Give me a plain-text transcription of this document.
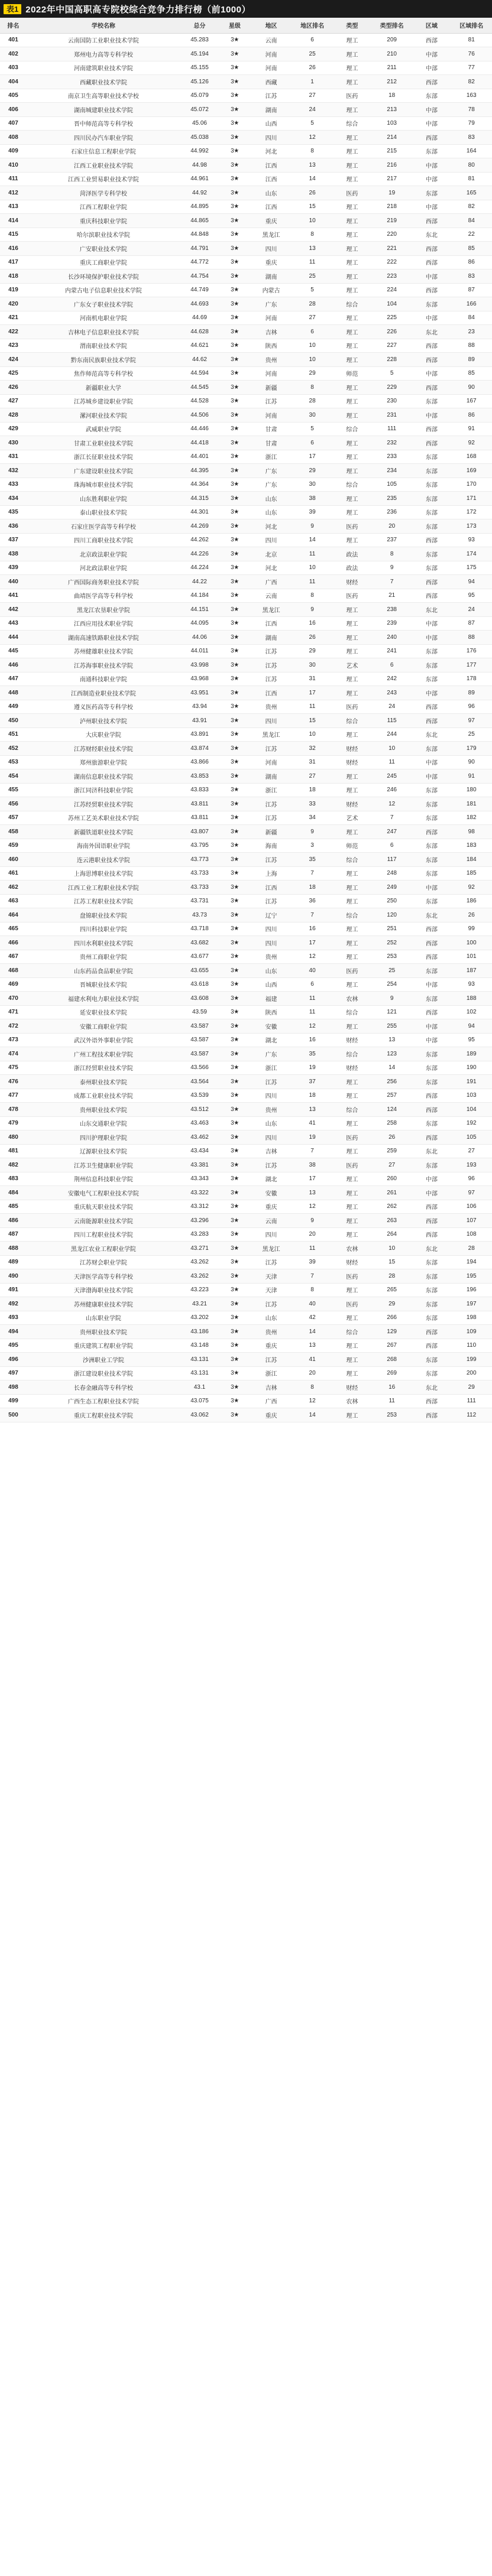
表1 2022年中国高职高专院校综合竞争力排行榜（前1000）
排名	学校名称	总分	星级	地区	地区排名	类型	类型排名	区域	区域排名
401	云南国防工业职业技术学院	45.283	3★	云南	6	理工	209	西部	81
402	郑州电力高等专科学校	45.194	3★	河南	25	理工	210	中部	76
403	河南建筑职业技术学院	45.155	3★	河南	26	理工	211	中部	77
404	西藏职业技术学院	45.126	3★	西藏	1	理工	212	西部	82
405	南京卫生高等职业技术学校	45.079	3★	江苏	27	医药	18	东部	163
406	湖南城建职业技术学院	45.072	3★	湖南	24	理工	213	中部	78
407	晋中师范高等专科学校	45.06	3★	山西	5	综合	103	中部	79
408	四川民办汽车职业学院	45.038	3★	四川	12	理工	214	西部	83
409	石家庄信息工程职业学院	44.992	3★	河北	8	理工	215	东部	164
410	江西工业职业技术学院	44.98	3★	江西	13	理工	216	中部	80
411	江西工业贸易职业技术学院	44.961	3★	江西	14	理工	217	中部	81
412	菏泽医学专科学校	44.92	3★	山东	26	医药	19	东部	165
413	江西工程职业学院	44.895	3★	江西	15	理工	218	中部	82
414	重庆科技职业学院	44.865	3★	重庆	10	理工	219	西部	84
415	哈尔滨职业技术学院	44.848	3★	黑龙江	8	理工	220	东北	22
416	广安职业技术学院	44.791	3★	四川	13	理工	221	西部	85
417	重庆工商职业学院	44.772	3★	重庆	11	理工	222	西部	86
418	长沙环境保护职业技术学院	44.754	3★	湖南	25	理工	223	中部	83
419	内蒙古电子信息职业技术学院	44.749	3★	内蒙古	5	理工	224	西部	87
420	广东女子职业技术学院	44.693	3★	广东	28	综合	104	东部	166
421	河南机电职业学院	44.69	3★	河南	27	理工	225	中部	84
422	吉林电子信息职业技术学院	44.628	3★	吉林	6	理工	226	东北	23
423	渭南职业技术学院	44.621	3★	陕西	10	理工	227	西部	88
424	黔东南民族职业技术学院	44.62	3★	贵州	10	理工	228	西部	89
425	焦作师范高等专科学校	44.594	3★	河南	29	师范	5	中部	85
426	新疆职业大学	44.545	3★	新疆	8	理工	229	西部	90
427	江苏城乡建设职业学院	44.528	3★	江苏	28	理工	230	东部	167
428	漯河职业技术学院	44.506	3★	河南	30	理工	231	中部	86
429	武威职业学院	44.446	3★	甘肃	5	综合	111	西部	91
430	甘肃工业职业技术学院	44.418	3★	甘肃	6	理工	232	西部	92
431	浙江长征职业技术学院	44.401	3★	浙江	17	理工	233	东部	168
432	广东建设职业技术学院	44.395	3★	广东	29	理工	234	东部	169
433	珠海城市职业技术学院	44.364	3★	广东	30	综合	105	东部	170
434	山东胜利职业学院	44.315	3★	山东	38	理工	235	东部	171
435	泰山职业技术学院	44.301	3★	山东	39	理工	236	东部	172
436	石家庄医学高等专科学校	44.269	3★	河北	9	医药	20	东部	173
437	四川工商职业技术学院	44.262	3★	四川	14	理工	237	西部	93
438	北京政法职业学院	44.226	3★	北京	11	政法	8	东部	174
439	河北政法职业学院	44.224	3★	河北	10	政法	9	东部	175
440	广西国际商务职业技术学院	44.22	3★	广西	11	财经	7	西部	94
441	曲靖医学高等专科学校	44.184	3★	云南	8	医药	21	西部	95
442	黑龙江农垦职业学院	44.151	3★	黑龙江	9	理工	238	东北	24
443	江西应用技术职业学院	44.095	3★	江西	16	理工	239	中部	87
444	湖南高速铁路职业技术学院	44.06	3★	湖南	26	理工	240	中部	88
445	苏州健雄职业技术学院	44.011	3★	江苏	29	理工	241	东部	176
446	江苏海事职业技术学院	43.998	3★	江苏	30	艺术	6	东部	177
447	南通科技职业学院	43.968	3★	江苏	31	理工	242	东部	178
448	江西制造业职业技术学院	43.951	3★	江西	17	理工	243	中部	89
449	遵义医药高等专科学校	43.94	3★	贵州	11	医药	24	西部	96
450	泸州职业技术学院	43.91	3★	四川	15	综合	115	西部	97
451	大庆职业学院	43.891	3★	黑龙江	10	理工	244	东北	25
452	江苏财经职业技术学院	43.874	3★	江苏	32	财经	10	东部	179
453	郑州旅游职业学院	43.866	3★	河南	31	财经	11	中部	90
454	湖南信息职业技术学院	43.853	3★	湖南	27	理工	245	中部	91
455	浙江同济科技职业学院	43.833	3★	浙江	18	理工	246	东部	180
456	江苏经贸职业技术学院	43.811	3★	江苏	33	财经	12	东部	181
457	苏州工艺美术职业技术学院	43.811	3★	江苏	34	艺术	7	东部	182
458	新疆铁道职业技术学院	43.807	3★	新疆	9	理工	247	西部	98
459	海南外国语职业学院	43.795	3★	海南	3	师范	6	东部	183
460	连云港职业技术学院	43.773	3★	江苏	35	综合	117	东部	184
461	上海思博职业技术学院	43.733	3★	上海	7	理工	248	东部	185
462	江西工业工程职业技术学院	43.733	3★	江西	18	理工	249	中部	92
463	江苏工程职业技术学院	43.731	3★	江苏	36	理工	250	东部	186
464	盘锦职业技术学院	43.73	3★	辽宁	7	综合	120	东北	26
465	四川科技职业学院	43.718	3★	四川	16	理工	251	西部	99
466	四川水利职业技术学院	43.682	3★	四川	17	理工	252	西部	100
467	贵州工商职业学院	43.677	3★	贵州	12	理工	253	西部	101
468	山东药品食品职业学院	43.655	3★	山东	40	医药	25	东部	187
469	晋城职业技术学院	43.618	3★	山西	6	理工	254	中部	93
470	福建水利电力职业技术学院	43.608	3★	福建	11	农林	9	东部	188
471	延安职业技术学院	43.59	3★	陕西	11	综合	121	西部	102
472	安徽工商职业学院	43.587	3★	安徽	12	理工	255	中部	94
473	武汉外语外事职业学院	43.587	3★	湖北	16	财经	13	中部	95
474	广州工程技术职业学院	43.587	3★	广东	35	综合	123	东部	189
475	浙江经贸职业技术学院	43.566	3★	浙江	19	财经	14	东部	190
476	泰州职业技术学院	43.564	3★	江苏	37	理工	256	东部	191
477	成都工业职业技术学院	43.539	3★	四川	18	理工	257	西部	103
478	贵州职业技术学院	43.512	3★	贵州	13	综合	124	西部	104
479	山东交通职业学院	43.463	3★	山东	41	理工	258	东部	192
480	四川护理职业学院	43.462	3★	四川	19	医药	26	西部	105
481	辽源职业技术学院	43.434	3★	吉林	7	理工	259	东北	27
482	江苏卫生健康职业学院	43.381	3★	江苏	38	医药	27	东部	193
483	荆州信息科技职业学院	43.343	3★	湖北	17	理工	260	中部	96
484	安徽电气工程职业技术学院	43.322	3★	安徽	13	理工	261	中部	97
485	重庆航天职业技术学院	43.312	3★	重庆	12	理工	262	西部	106
486	云南能源职业技术学院	43.296	3★	云南	9	理工	263	西部	107
487	四川工程职业技术学院	43.283	3★	四川	20	理工	264	西部	108
488	黑龙江农业工程职业学院	43.271	3★	黑龙江	11	农林	10	东北	28
489	江苏财会职业学院	43.262	3★	江苏	39	财经	15	东部	194
490	天津医学高等专科学校	43.262	3★	天津	7	医药	28	东部	195
491	天津渤海职业技术学院	43.223	3★	天津	8	理工	265	东部	196
492	苏州健康职业技术学院	43.21	3★	江苏	40	医药	29	东部	197
493	山东职业学院	43.202	3★	山东	42	理工	266	东部	198
494	贵州职业技术学院	43.186	3★	贵州	14	综合	129	西部	109
495	重庆建筑工程职业学院	43.148	3★	重庆	13	理工	267	西部	110
496	沙洲职业工学院	43.131	3★	江苏	41	理工	268	东部	199
497	浙江建设职业技术学院	43.131	3★	浙江	20	理工	269	东部	200
498	长春金融高等专科学校	43.1	3★	吉林	8	财经	16	东北	29
499	广西生态工程职业技术学院	43.075	3★	广西	12	农林	11	西部	111
500	重庆工程职业技术学院	43.062	3★	重庆	14	理工	253	西部	112
